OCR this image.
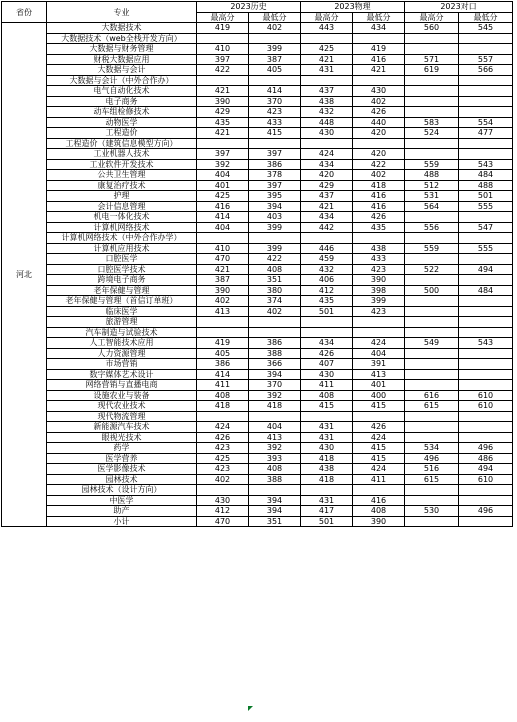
省份	专业	2023历史		2023物理		2023对口	
		最高分	最低分	最高分	最低分	最高分	最低分
河北	大数据技术	419	402	443	434	560	545
	大数据技术（web全栈开发方向）						
	大数据与财务管理	410	399	425	419		
	财税大数据应用	397	387	421	416	571	557
	大数据与会计	422	405	431	421	619	566
	大数据与会计（中外合作办）						
	电气自动化技术	421	414	437	430		
	电子商务	390	370	438	402		
	动车组检修技术	429	423	432	426		
	动物医学	435	433	448	440	583	554
	工程造价	421	415	430	420	524	477
	工程造价（建筑信息模型方向）						
	工业机器人技术	397	397	424	420		
	工业软件开发技术	392	386	434	422	559	543
	公共卫生管理	404	378	420	402	488	484
	康复治疗技术	401	397	429	418	512	488
	护理	425	395	437	416	531	501
	会计信息管理	416	394	421	416	564	555
	机电一体化技术	414	403	434	426		
	计算机网络技术	404	399	442	435	556	547
	计算机网络技术（中外合作办学）						
	计算机应用技术	410	399	446	438	559	555
	口腔医学	470	422	459	433		
	口腔医学技术	421	408	432	423	522	494
	跨境电子商务	387	351	406	390		
	老年保健与管理	390	380	412	398	500	484
	老年保健与管理（首信订单班）	402	374	435	399		
	临床医学	413	402	501	423		
	旅游管理						
	汽车制造与试验技术						
	人工智能技术应用	419	386	434	424	549	543
	人力资源管理	405	388	426	404		
	市场营销	386	366	407	391		
	数字媒体艺术设计	414	394	430	413		
	网络营销与直播电商	411	370	411	401		
	设施农业与装备	408	392	408	400	616	610
	现代农业技术	418	418	415	415	615	610
	现代物流管理						
	新能源汽车技术	424	404	431	426		
	眼视光技术	426	413	431	424		
	药学	423	392	430	415	534	496
	医学营养	425	393	418	415	496	486
	医学影像技术	423	408	438	424	516	494
	园林技术	402	388	418	411	615	610
	园林技术（设计方向）						
	中医学	430	394	431	416		
	助产	412	394	417	408	530	496
	小计	470	351	501	390		
